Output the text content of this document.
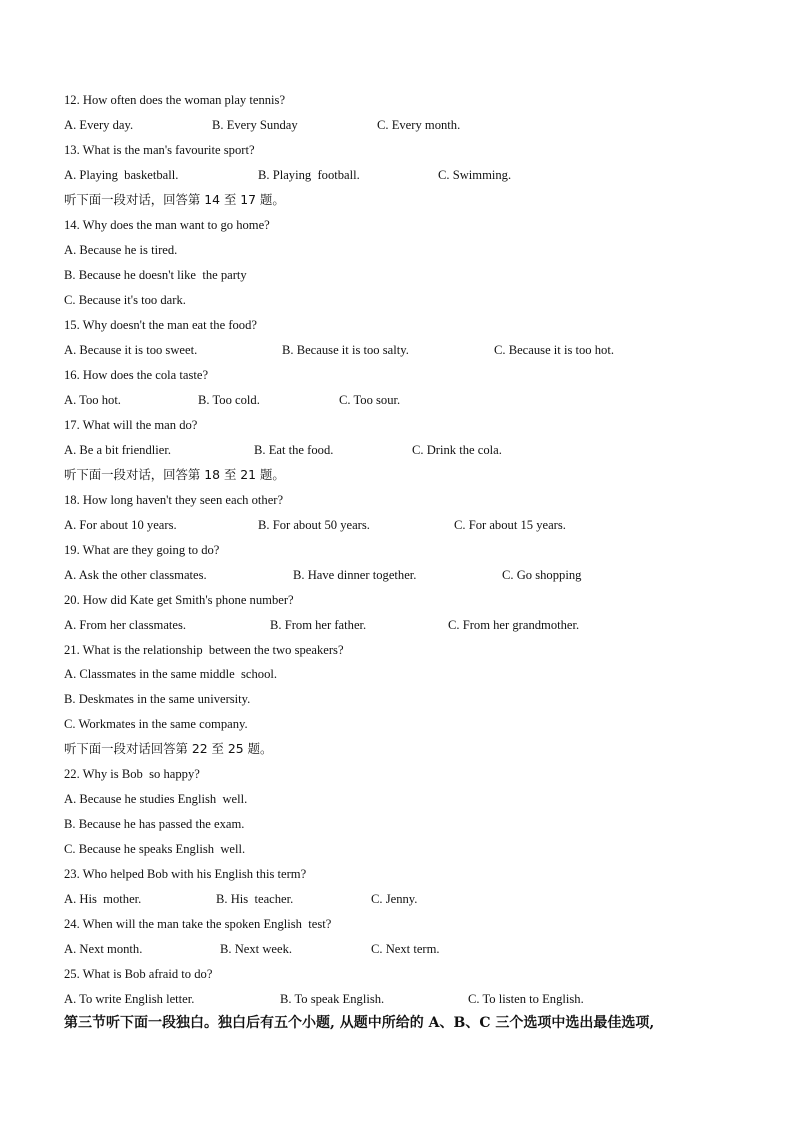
12. How often does the woman play tennis?
A. Every day.	B. Every Sunday	C. Every month.
13. What is the man's favourite sport?
A. Playing  basketball.	B. Playing  football.	C. Swimming.
听下面一段对话，回答第 14 至 17 题。
14. Why does the man want to go home?
A. Because he is tired.
B. Because he doesn't like  the party
C. Because it's too dark.
15. Why doesn't the man eat the food?
A. Because it is too sweet.	B. Because it is too salty.	C. Because it is too hot.
16. How does the cola taste?
A. Too hot.	B. Too cold.	C. Too sour.
17. What will the man do?
A. Be a bit friendlier.	B. Eat the food.	C. Drink the cola.
听下面一段对话，回答第 18 至 21 题。
18. How long haven't they seen each other?
A. For about 10 years.	B. For about 50 years.	C. For about 15 years.
19. What are they going to do?
A. Ask the other classmates.	B. Have dinner together.	C. Go shopping
20. How did Kate get Smith's phone number?
A. From her classmates.	B. From her father.	C. From her grandmother.
21. What is the relationship  between the two speakers?
A. Classmates in the same middle  school.
B. Deskmates in the same university.
C. Workmates in the same company.
听下面一段对话回答第 22 至 25 题。
22. Why is Bob  so happy?
A. Because he studies English  well.
B. Because he has passed the exam.
C. Because he speaks English  well.
23. Who helped Bob with his English this term?
A. His  mother.	B. His  teacher.	C. Jenny.
24. When will the man take the spoken English  test?
A. Next month.	B. Next week.	C. Next term.
25. What is Bob afraid to do?
A. To write English letter.	B. To speak English.	C. To listen to English.
第三节听下面一段独白。独白后有五个小题, 从题中所给的 A、B、C 三个选项中选出最佳选项,
